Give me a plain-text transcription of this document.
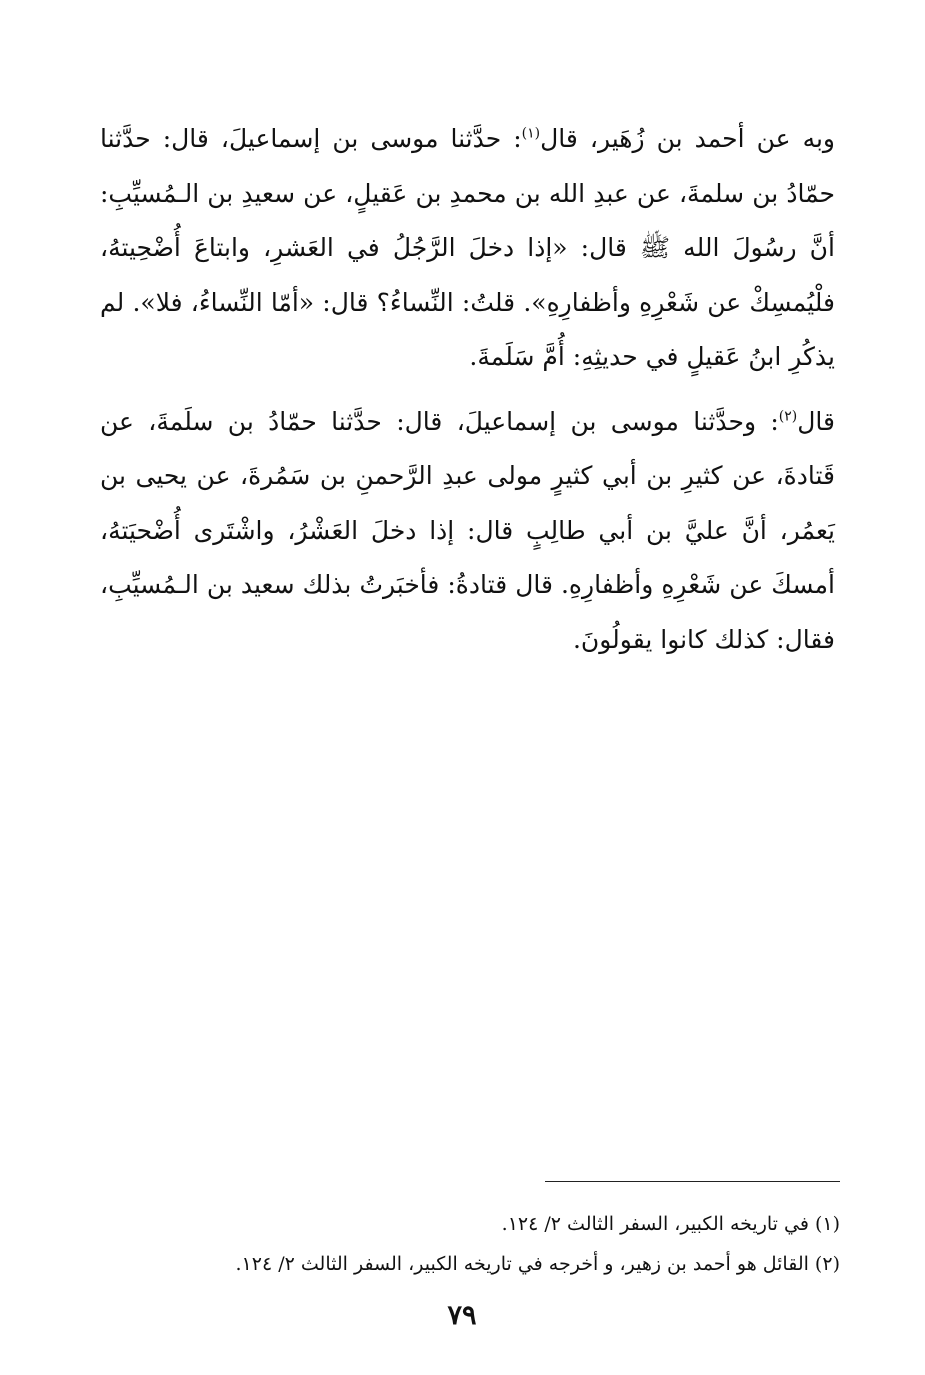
وبه عن أحمد بن زُهَير، قال$^{(١)}$: حدَّثنا موسى بن إسماعيلَ، قال: حدَّثنا حمّادُ بن سلمةَ، عن عبدِ الله بن محمدِ بن عَقيلٍ، عن سعيدِ بن الـمُسيِّبِ: أنَّ رسُولَ الله ﷺ قال: «إذا دخلَ الرَّجُلُ في العَشرِ، وابتاعَ أُضْحِيتهُ، فلْيُمسِكْ عن شَعْرِهِ وأظفارِهِ». قلتُ: النِّساءُ؟ قال: «أمّا النِّساءُ، فلا». لم يذكُرِ ابنُ عَقيلٍ في حديثِهِ: أُمَّ سَلَمةَ.

قال$^{(٢)}$: وحدَّثنا موسى بن إسماعيلَ، قال: حدَّثنا حمّادُ بن سلَمةَ، عن قَتادةَ، عن كثيرِ بن أبي كثيرٍ مولى عبدِ الرَّحمنِ بن سَمُرةَ، عن يحيى بن يَعمُر، أنَّ عليَّ بن أبي طالِبٍ قال: إذا دخلَ العَشْرُ، واشْتَرى أُضْحيَتهُ، أمسكَ عن شَعْرِهِ وأظفارِهِ. قال قتادةُ: فأخبَرتُ بذلك سعيد بن الـمُسيِّبِ، فقال: كذلك كانوا يقولُونَ.

(١) في تاريخه الكبير، السفر الثالث ٢/ ١٢٤.

(٢) القائل هو أحمد بن زهير، و أخرجه في تاريخه الكبير، السفر الثالث ٢/ ١٢٤.

٧٩
